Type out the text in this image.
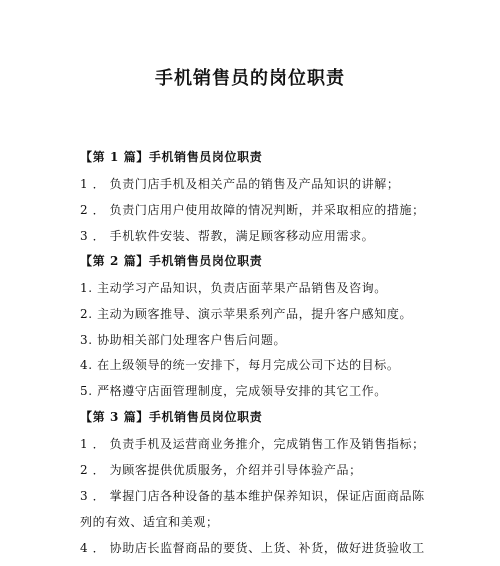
手机销售员的岗位职责
【第 1 篇】手机销售员岗位职责
1 ． 负责门店手机及相关产品的销售及产品知识的讲解；
2 ． 负责门店用户使用故障的情况判断，并采取相应的措施；
3 ． 手机软件安装、帮教，满足顾客移动应用需求。
【第 2 篇】手机销售员岗位职责
1. 主动学习产品知识，负责店面苹果产品销售及咨询。
2. 主动为顾客推导、演示苹果系列产品，提升客户感知度。
3. 协助相关部门处理客户售后问题。
4. 在上级领导的统一安排下，每月完成公司下达的目标。
5. 严格遵守店面管理制度，完成领导安排的其它工作。
【第 3 篇】手机销售员岗位职责
1 ． 负责手机及运营商业务推介，完成销售工作及销售指标；
2 ． 为顾客提供优质服务，介绍并引导体验产品；
3 ． 掌握门店各种设备的基本维护保养知识，保证店面商品陈
列的有效、适宜和美观；
4 ． 协助店长监督商品的要货、上货、补货，做好进货验收工
